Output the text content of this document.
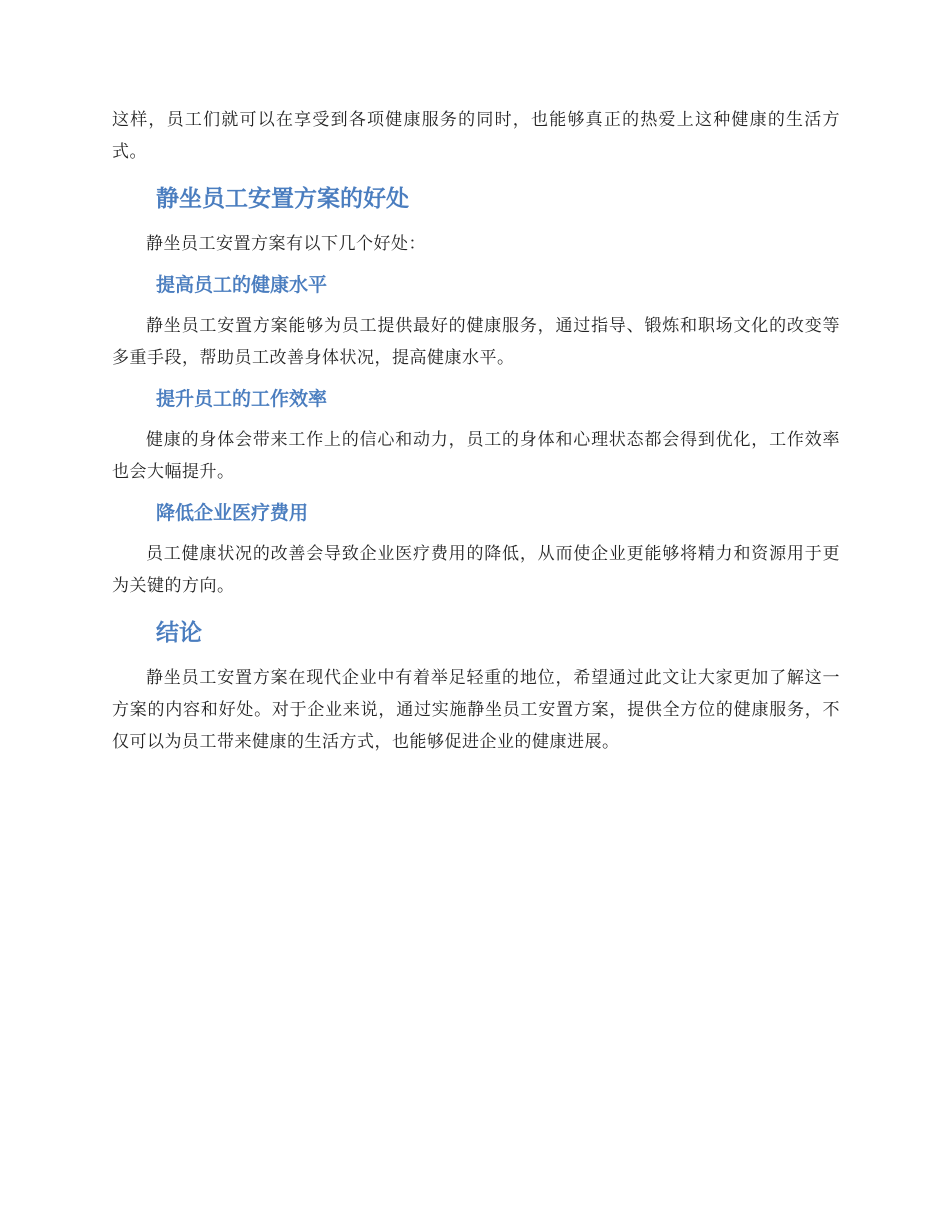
这样，员工们就可以在享受到各项健康服务的同时，也能够真正的热爱上这种健康的生活方式。

静坐员工安置方案的好处

静坐员工安置方案有以下几个好处：

提高员工的健康水平

静坐员工安置方案能够为员工提供最好的健康服务，通过指导、锻炼和职场文化的改变等多重手段，帮助员工改善身体状况，提高健康水平。

提升员工的工作效率

健康的身体会带来工作上的信心和动力，员工的身体和心理状态都会得到优化，工作效率也会大幅提升。

降低企业医疗费用

员工健康状况的改善会导致企业医疗费用的降低，从而使企业更能够将精力和资源用于更为关键的方向。

结论

静坐员工安置方案在现代企业中有着举足轻重的地位，希望通过此文让大家更加了解这一方案的内容和好处。对于企业来说，通过实施静坐员工安置方案，提供全方位的健康服务，不仅可以为员工带来健康的生活方式，也能够促进企业的健康进展。
